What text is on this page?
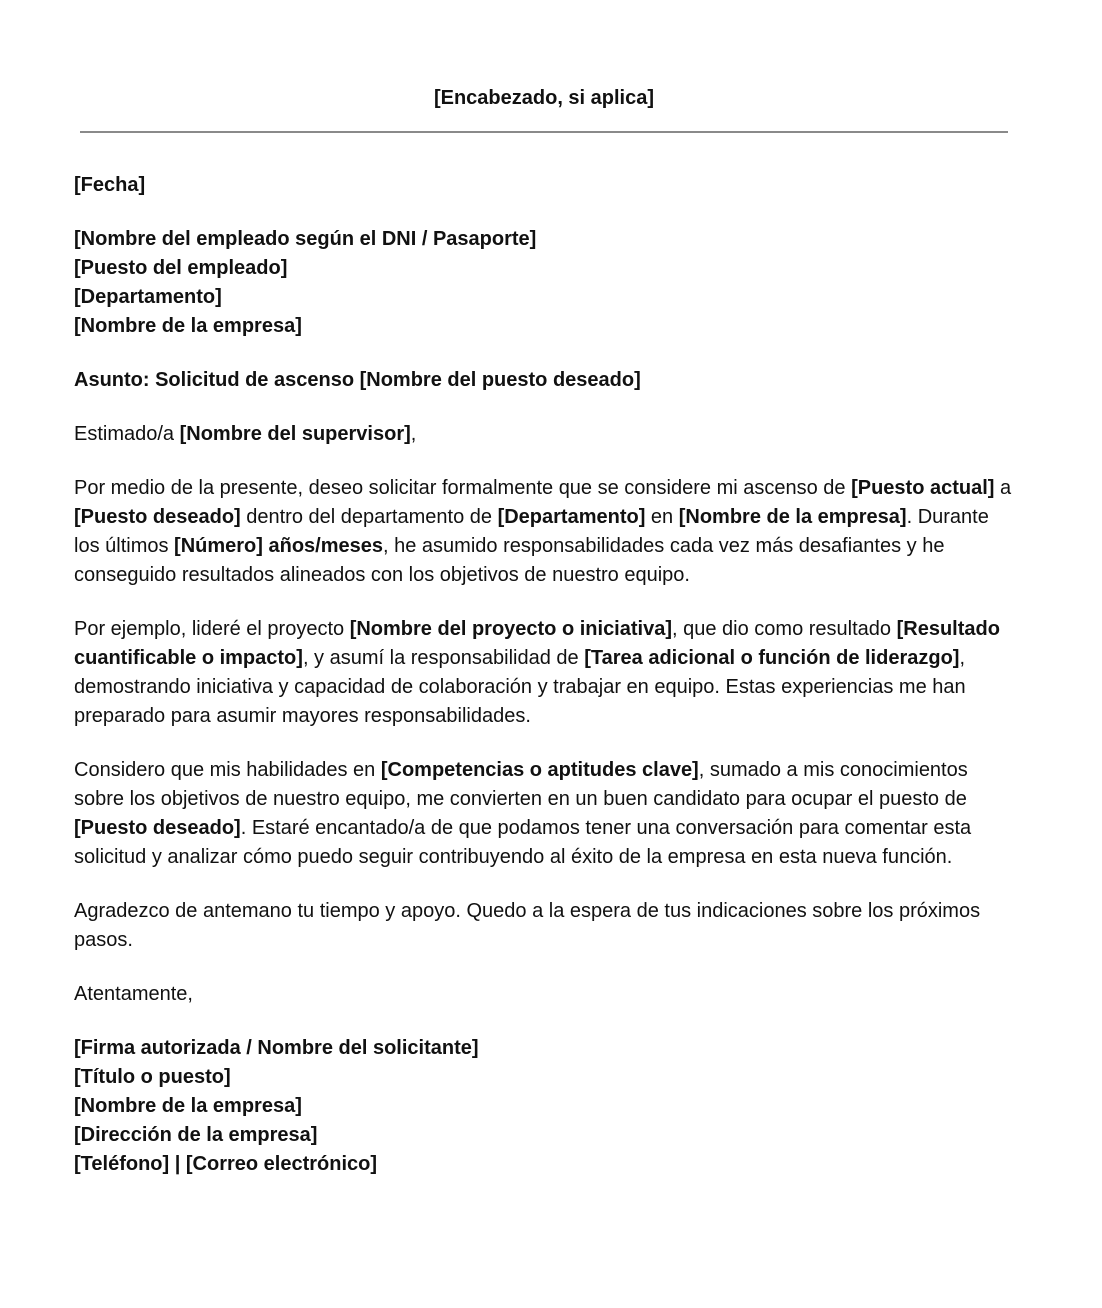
[Encabezado, si aplica]

[Fecha]

[Nombre del empleado según el DNI / Pasaporte]
[Puesto del empleado]
[Departamento]
[Nombre de la empresa]

Asunto: Solicitud de ascenso [Nombre del puesto deseado]

Estimado/a [Nombre del supervisor],

Por medio de la presente, deseo solicitar formalmente que se considere mi ascenso de [Puesto actual] a [Puesto deseado] dentro del departamento de [Departamento] en [Nombre de la empresa]. Durante los últimos [Número] años/meses, he asumido responsabilidades cada vez más desafiantes y he conseguido resultados alineados con los objetivos de nuestro equipo.

Por ejemplo, lideré el proyecto [Nombre del proyecto o iniciativa], que dio como resultado [Resultado cuantificable o impacto], y asumí la responsabilidad de [Tarea adicional o función de liderazgo], demostrando iniciativa y capacidad de colaboración y trabajar en equipo. Estas experiencias me han preparado para asumir mayores responsabilidades.

Considero que mis habilidades en [Competencias o aptitudes clave], sumado a mis conocimientos sobre los objetivos de nuestro equipo, me convierten en un buen candidato para ocupar el puesto de [Puesto deseado]. Estaré encantado/a de que podamos tener una conversación para comentar esta solicitud y analizar cómo puedo seguir contribuyendo al éxito de la empresa en esta nueva función.

Agradezco de antemano tu tiempo y apoyo. Quedo a la espera de tus indicaciones sobre los próximos pasos.

Atentamente,

[Firma autorizada / Nombre del solicitante]
[Título o puesto]
[Nombre de la empresa]
[Dirección de la empresa]
[Teléfono] | [Correo electrónico]
